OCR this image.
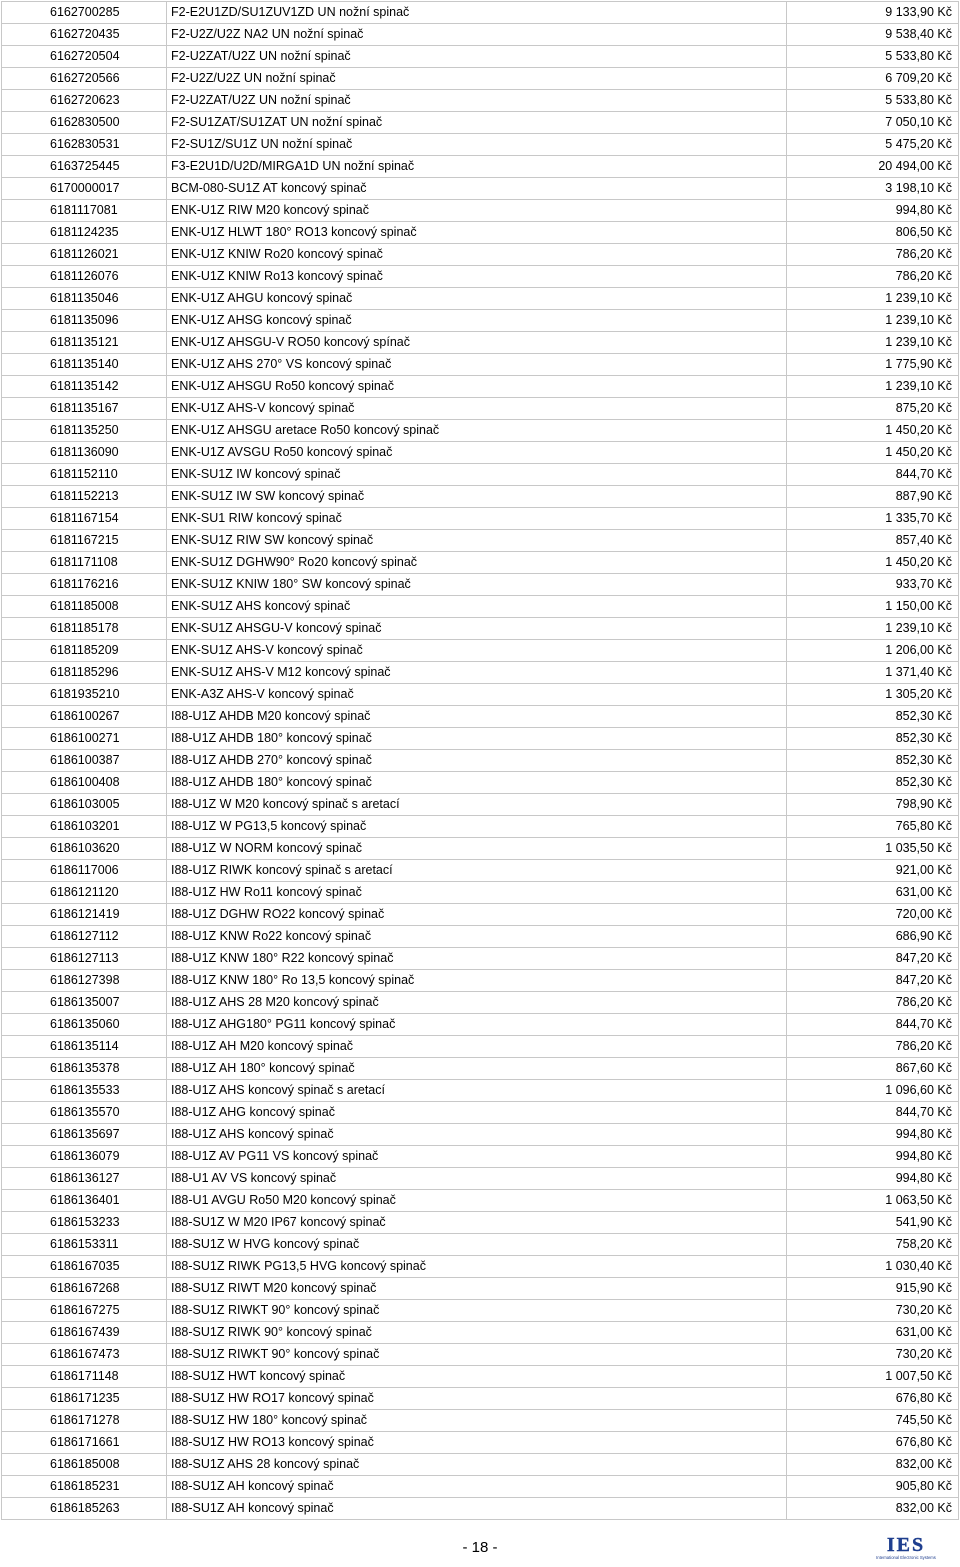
6162700285	F2-E2U1ZD/SU1ZUV1ZD UN nožní spinač	9 133,90 Kč
6162720435	F2-U2Z/U2Z NA2 UN nožní spinač	9 538,40 Kč
6162720504	F2-U2ZAT/U2Z UN nožní spinač	5 533,80 Kč
6162720566	F2-U2Z/U2Z UN nožní spinač	6 709,20 Kč
6162720623	F2-U2ZAT/U2Z UN nožní spinač	5 533,80 Kč
6162830500	F2-SU1ZAT/SU1ZAT UN nožní spinač	7 050,10 Kč
6162830531	F2-SU1Z/SU1Z UN nožní spinač	5 475,20 Kč
6163725445	F3-E2U1D/U2D/MIRGA1D UN nožní spinač	20 494,00 Kč
6170000017	BCM-080-SU1Z AT koncový spinač	3 198,10 Kč
6181117081	ENK-U1Z RIW M20 koncový spinač	994,80 Kč
6181124235	ENK-U1Z HLWT 180° RO13 koncový spinač	806,50 Kč
6181126021	ENK-U1Z KNIW Ro20 koncový spinač	786,20 Kč
6181126076	ENK-U1Z KNIW Ro13 koncový spinač	786,20 Kč
6181135046	ENK-U1Z AHGU koncový spinač	1 239,10 Kč
6181135096	ENK-U1Z AHSG koncový spinač	1 239,10 Kč
6181135121	ENK-U1Z AHSGU-V RO50 koncový spínač	1 239,10 Kč
6181135140	ENK-U1Z AHS 270° VS koncový spinač	1 775,90 Kč
6181135142	ENK-U1Z AHSGU Ro50 koncový spinač	1 239,10 Kč
6181135167	ENK-U1Z AHS-V koncový spinač	875,20 Kč
6181135250	ENK-U1Z AHSGU aretace Ro50 koncový spinač	1 450,20 Kč
6181136090	ENK-U1Z AVSGU Ro50 koncový spinač	1 450,20 Kč
6181152110	ENK-SU1Z IW koncový spinač	844,70 Kč
6181152213	ENK-SU1Z IW SW koncový spinač	887,90 Kč
6181167154	ENK-SU1 RIW koncový spinač	1 335,70 Kč
6181167215	ENK-SU1Z RIW SW koncový spinač	857,40 Kč
6181171108	ENK-SU1Z DGHW90° Ro20 koncový spinač	1 450,20 Kč
6181176216	ENK-SU1Z KNIW 180° SW koncový spinač	933,70 Kč
6181185008	ENK-SU1Z AHS koncový spinač	1 150,00 Kč
6181185178	ENK-SU1Z AHSGU-V koncový spinač	1 239,10 Kč
6181185209	ENK-SU1Z AHS-V koncový spinač	1 206,00 Kč
6181185296	ENK-SU1Z AHS-V M12 koncový spinač	1 371,40 Kč
6181935210	ENK-A3Z AHS-V koncový spinač	1 305,20 Kč
6186100267	I88-U1Z AHDB M20 koncový spinač	852,30 Kč
6186100271	I88-U1Z AHDB 180° koncový spinač	852,30 Kč
6186100387	I88-U1Z AHDB 270° koncový spinač	852,30 Kč
6186100408	I88-U1Z AHDB 180° koncový spinač	852,30 Kč
6186103005	I88-U1Z W M20 koncový spinač s aretací	798,90 Kč
6186103201	I88-U1Z W PG13,5 koncový spinač	765,80 Kč
6186103620	I88-U1Z W NORM koncový spinač	1 035,50 Kč
6186117006	I88-U1Z RIWK koncový spinač s aretací	921,00 Kč
6186121120	I88-U1Z HW Ro11 koncový spinač	631,00 Kč
6186121419	I88-U1Z DGHW RO22 koncový spinač	720,00 Kč
6186127112	I88-U1Z KNW Ro22 koncový spinač	686,90 Kč
6186127113	I88-U1Z KNW 180° R22 koncový spinač	847,20 Kč
6186127398	I88-U1Z KNW 180° Ro 13,5 koncový spinač	847,20 Kč
6186135007	I88-U1Z AHS 28 M20 koncový spinač	786,20 Kč
6186135060	I88-U1Z AHG180° PG11 koncový spinač	844,70 Kč
6186135114	I88-U1Z AH M20 koncový spinač	786,20 Kč
6186135378	I88-U1Z AH 180° koncový spinač	867,60 Kč
6186135533	I88-U1Z AHS koncový spinač s aretací	1 096,60 Kč
6186135570	I88-U1Z AHG koncový spinač	844,70 Kč
6186135697	I88-U1Z AHS koncový spinač	994,80 Kč
6186136079	I88-U1Z AV PG11 VS koncový spinač	994,80 Kč
6186136127	I88-U1 AV VS koncový spinač	994,80 Kč
6186136401	I88-U1 AVGU Ro50 M20 koncový spinač	1 063,50 Kč
6186153233	I88-SU1Z W M20 IP67 koncový spinač	541,90 Kč
6186153311	I88-SU1Z W HVG koncový spinač	758,20 Kč
6186167035	I88-SU1Z RIWK PG13,5 HVG koncový spinač	1 030,40 Kč
6186167268	I88-SU1Z RIWT M20 koncový spinač	915,90 Kč
6186167275	I88-SU1Z RIWKT 90° koncový spinač	730,20 Kč
6186167439	I88-SU1Z RIWK 90° koncový spinač	631,00 Kč
6186167473	I88-SU1Z RIWKT 90° koncový spinač	730,20 Kč
6186171148	I88-SU1Z HWT koncový spinač	1 007,50 Kč
6186171235	I88-SU1Z HW RO17 koncový spinač	676,80 Kč
6186171278	I88-SU1Z HW 180° koncový spinač	745,50 Kč
6186171661	I88-SU1Z HW RO13 koncový spinač	676,80 Kč
6186185008	I88-SU1Z AHS 28 koncový spinač	832,00 Kč
6186185231	I88-SU1Z AH koncový spinač	905,80 Kč
6186185263	I88-SU1Z AH koncový spinač	832,00 Kč
- 18 -	IES
International Electronic Systems
